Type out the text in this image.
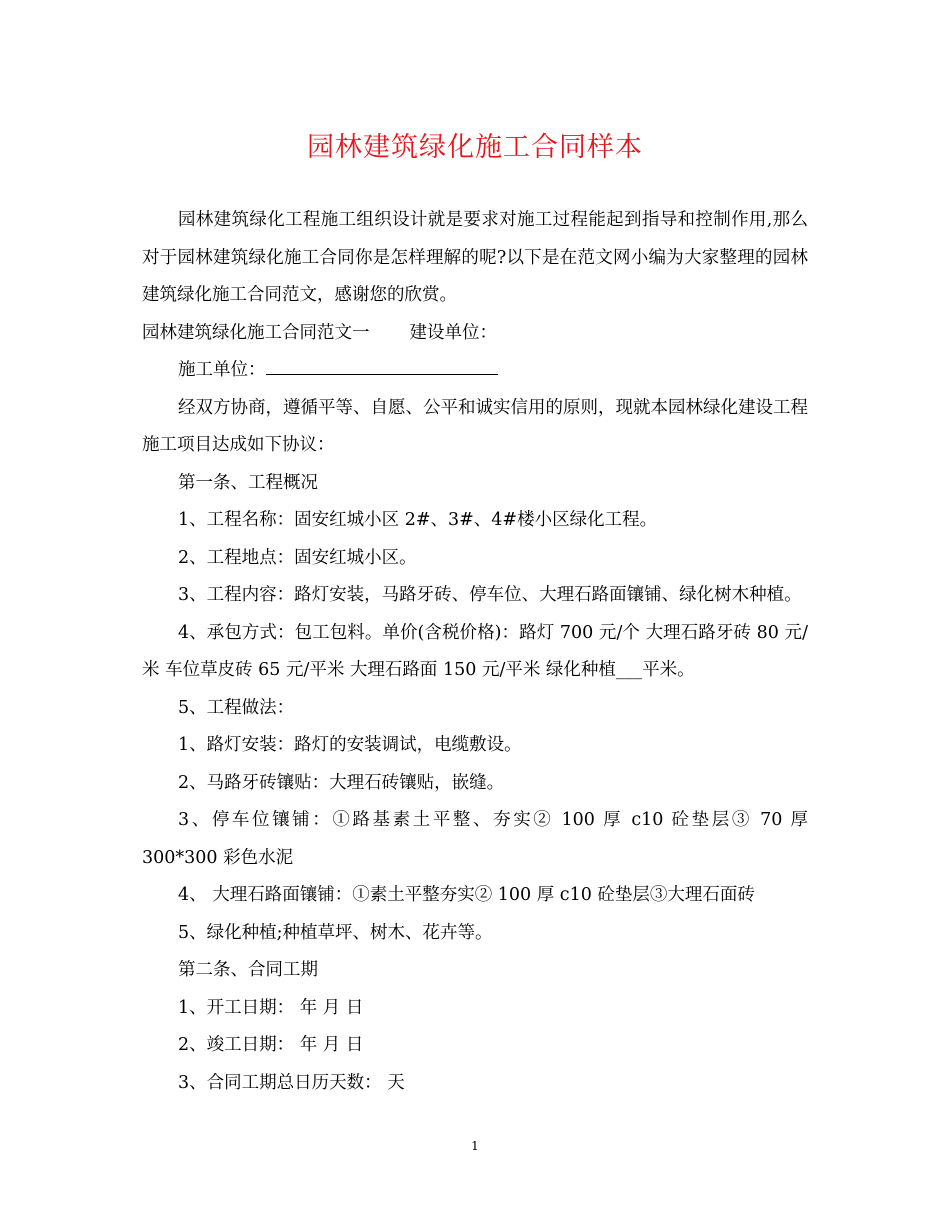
园林建筑绿化施工合同样本

园林建筑绿化工程施工组织设计就是要求对施工过程能起到指导和控制作用,那么对于园林建筑绿化施工合同你是怎样理解的呢?以下是在范文网小编为大家整理的园林建筑绿化施工合同范文，感谢您的欣赏。

园林建筑绿化施工合同范文一 建设单位：

施工单位：

经双方协商，遵循平等、自愿、公平和诚实信用的原则，现就本园林绿化建设工程施工项目达成如下协议：

第一条、工程概况

1、工程名称：固安红城小区 2#、3#、4#楼小区绿化工程。

2、工程地点：固安红城小区。

3、工程内容：路灯安装，马路牙砖、停车位、大理石路面镶铺、绿化树木种植。

4、承包方式：包工包料。单价(含税价格)：路灯 700 元/个 大理石路牙砖 80 元/米 车位草皮砖 65 元/平米 大理石路面 150 元/平米 绿化种植___平米。

5、工程做法：

1、路灯安装：路灯的安装调试，电缆敷设。

2、马路牙砖镶贴：大理石砖镶贴，嵌缝。

3、停车位镶铺：①路基素土平整、夯实② 100 厚 c10 砼垫层③ 70 厚 300*300 彩色水泥

4、 大理石路面镶铺：①素土平整夯实② 100 厚 c10 砼垫层③大理石面砖

5、绿化种植;种植草坪、树木、花卉等。

第二条、合同工期

1、开工日期： 年 月 日

2、竣工日期： 年 月 日

3、合同工期总日历天数： 天

1
